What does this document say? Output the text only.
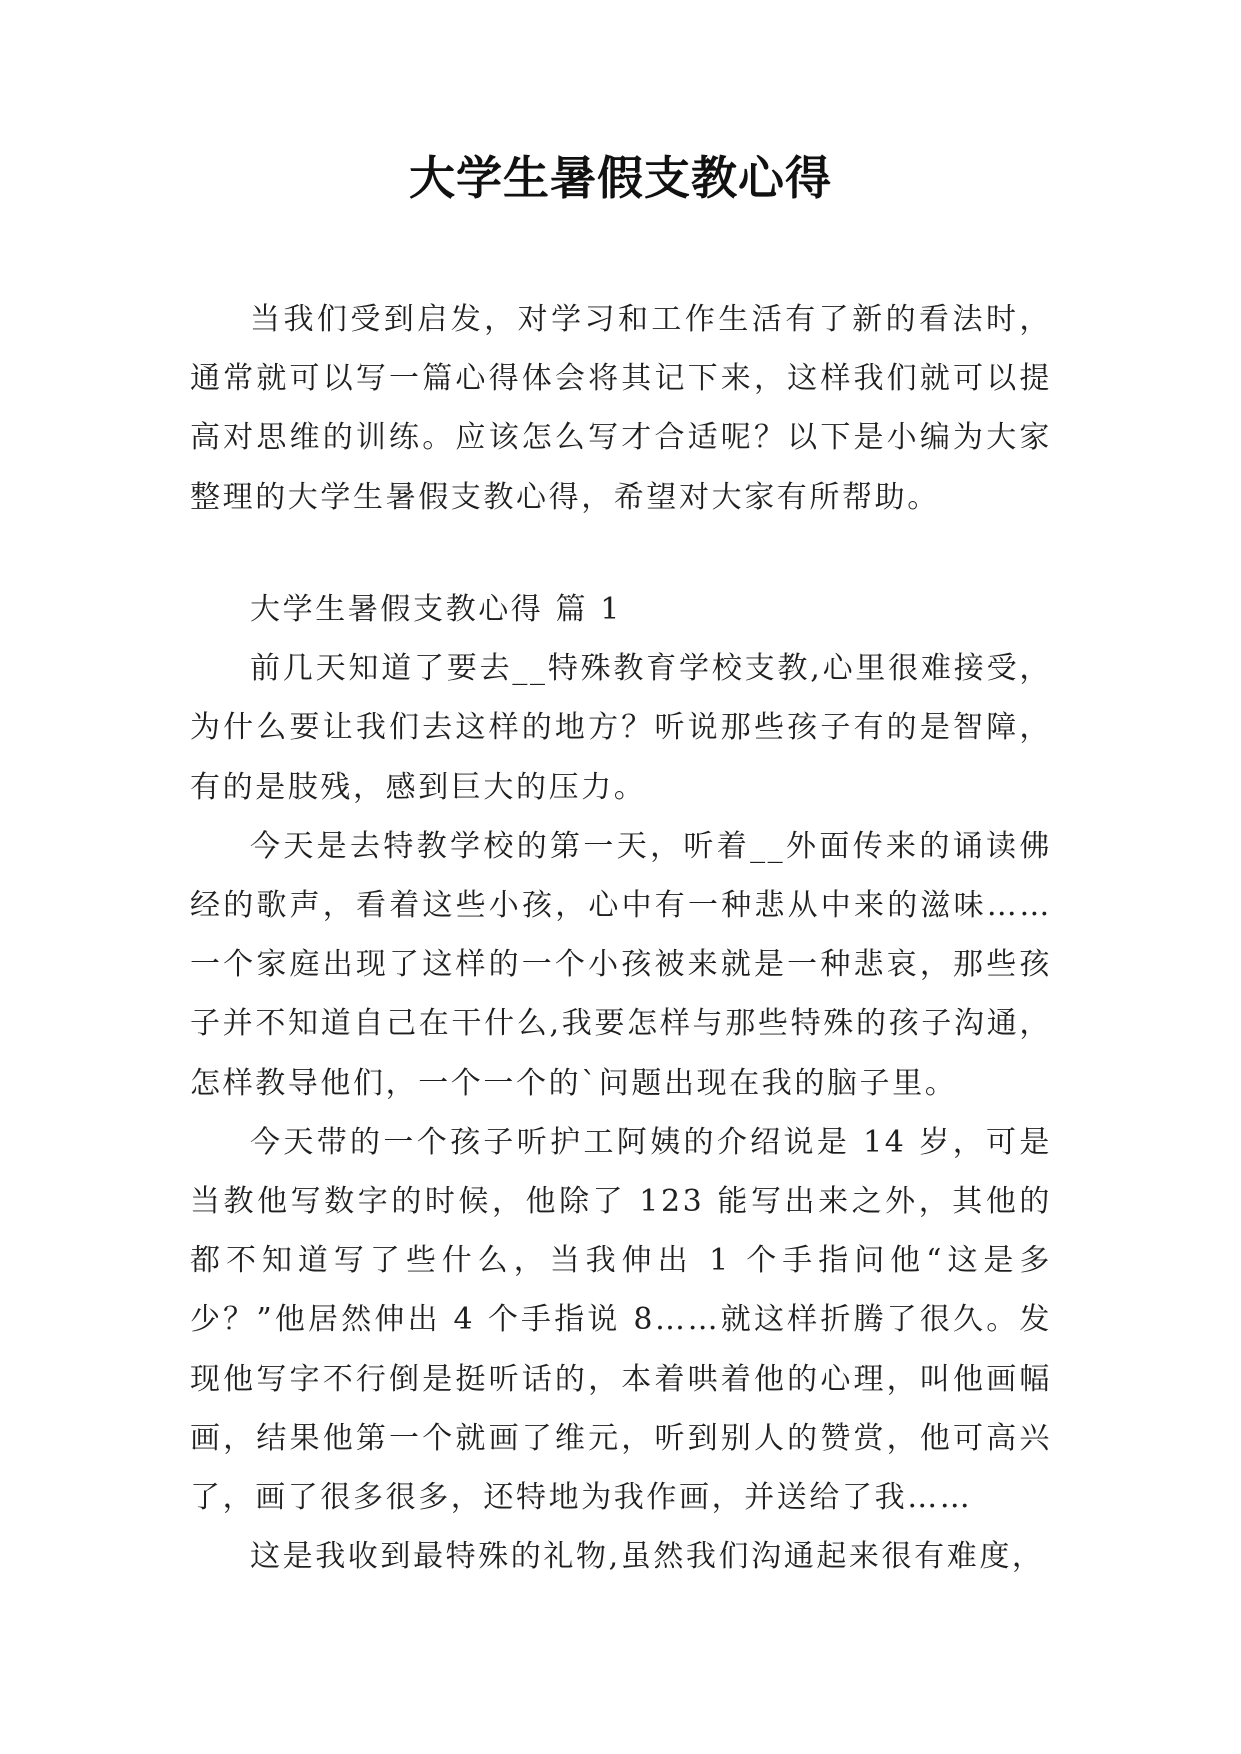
大学生暑假支教心得

当我们受到启发，对学习和工作生活有了新的看法时，通常就可以写一篇心得体会将其记下来，这样我们就可以提高对思维的训练。应该怎么写才合适呢？以下是小编为大家整理的大学生暑假支教心得，希望对大家有所帮助。

大学生暑假支教心得 篇 1

前几天知道了要去__特殊教育学校支教,心里很难接受，为什么要让我们去这样的地方？听说那些孩子有的是智障，有的是肢残，感到巨大的压力。

今天是去特教学校的第一天，听着__外面传来的诵读佛经的歌声，看着这些小孩，心中有一种悲从中来的滋味……一个家庭出现了这样的一个小孩被来就是一种悲哀，那些孩子并不知道自己在干什么,我要怎样与那些特殊的孩子沟通，怎样教导他们，一个一个的`问题出现在我的脑子里。

今天带的一个孩子听护工阿姨的介绍说是 14 岁，可是当教他写数字的时候，他除了 123 能写出来之外，其他的都不知道写了些什么，当我伸出 1 个手指问他“这是多少？”他居然伸出 4 个手指说 8……就这样折腾了很久。发现他写字不行倒是挺听话的，本着哄着他的心理，叫他画幅画，结果他第一个就画了维元，听到别人的赞赏，他可高兴了，画了很多很多，还特地为我作画，并送给了我……

这是我收到最特殊的礼物,虽然我们沟通起来很有难度，
